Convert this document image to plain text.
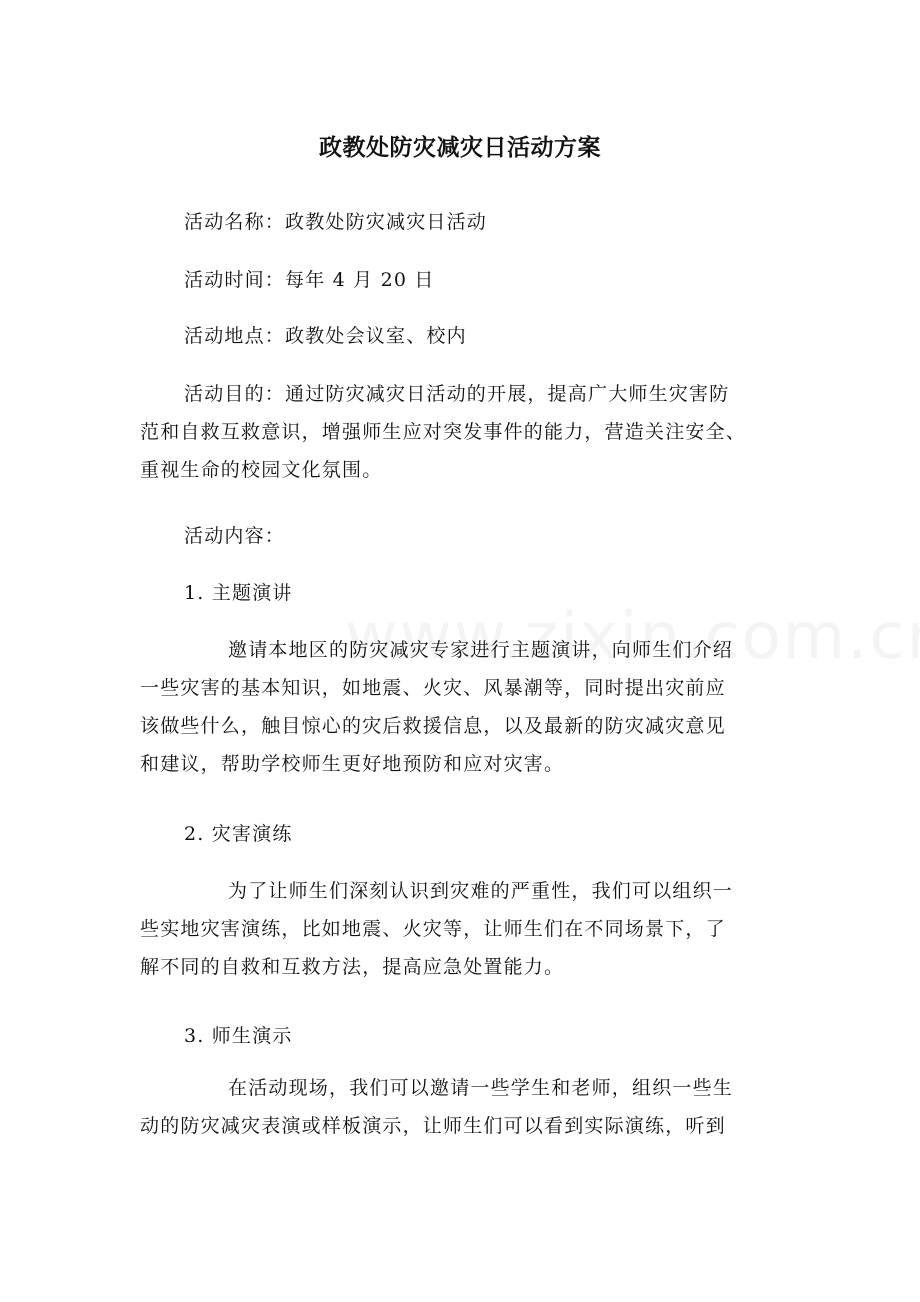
政教处防灾减灾日活动方案
活动名称：政教处防灾减灾日活动
活动时间：每年 4 月 20 日
活动地点：政教处会议室、校内
活动目的：通过防灾减灾日活动的开展，提高广大师生灾害防
范和自救互救意识，增强师生应对突发事件的能力，营造关注安全、
重视生命的校园文化氛围。
活动内容：
1. 主题演讲
邀请本地区的防灾减灾专家进行主题演讲，向师生们介绍
一些灾害的基本知识，如地震、火灾、风暴潮等，同时提出灾前应
该做些什么，触目惊心的灾后救援信息，以及最新的防灾减灾意见
和建议，帮助学校师生更好地预防和应对灾害。
2. 灾害演练
为了让师生们深刻认识到灾难的严重性，我们可以组织一
些实地灾害演练，比如地震、火灾等，让师生们在不同场景下，了
解不同的自救和互救方法，提高应急处置能力。
3. 师生演示
在活动现场，我们可以邀请一些学生和老师，组织一些生
动的防灾减灾表演或样板演示，让师生们可以看到实际演练，听到
